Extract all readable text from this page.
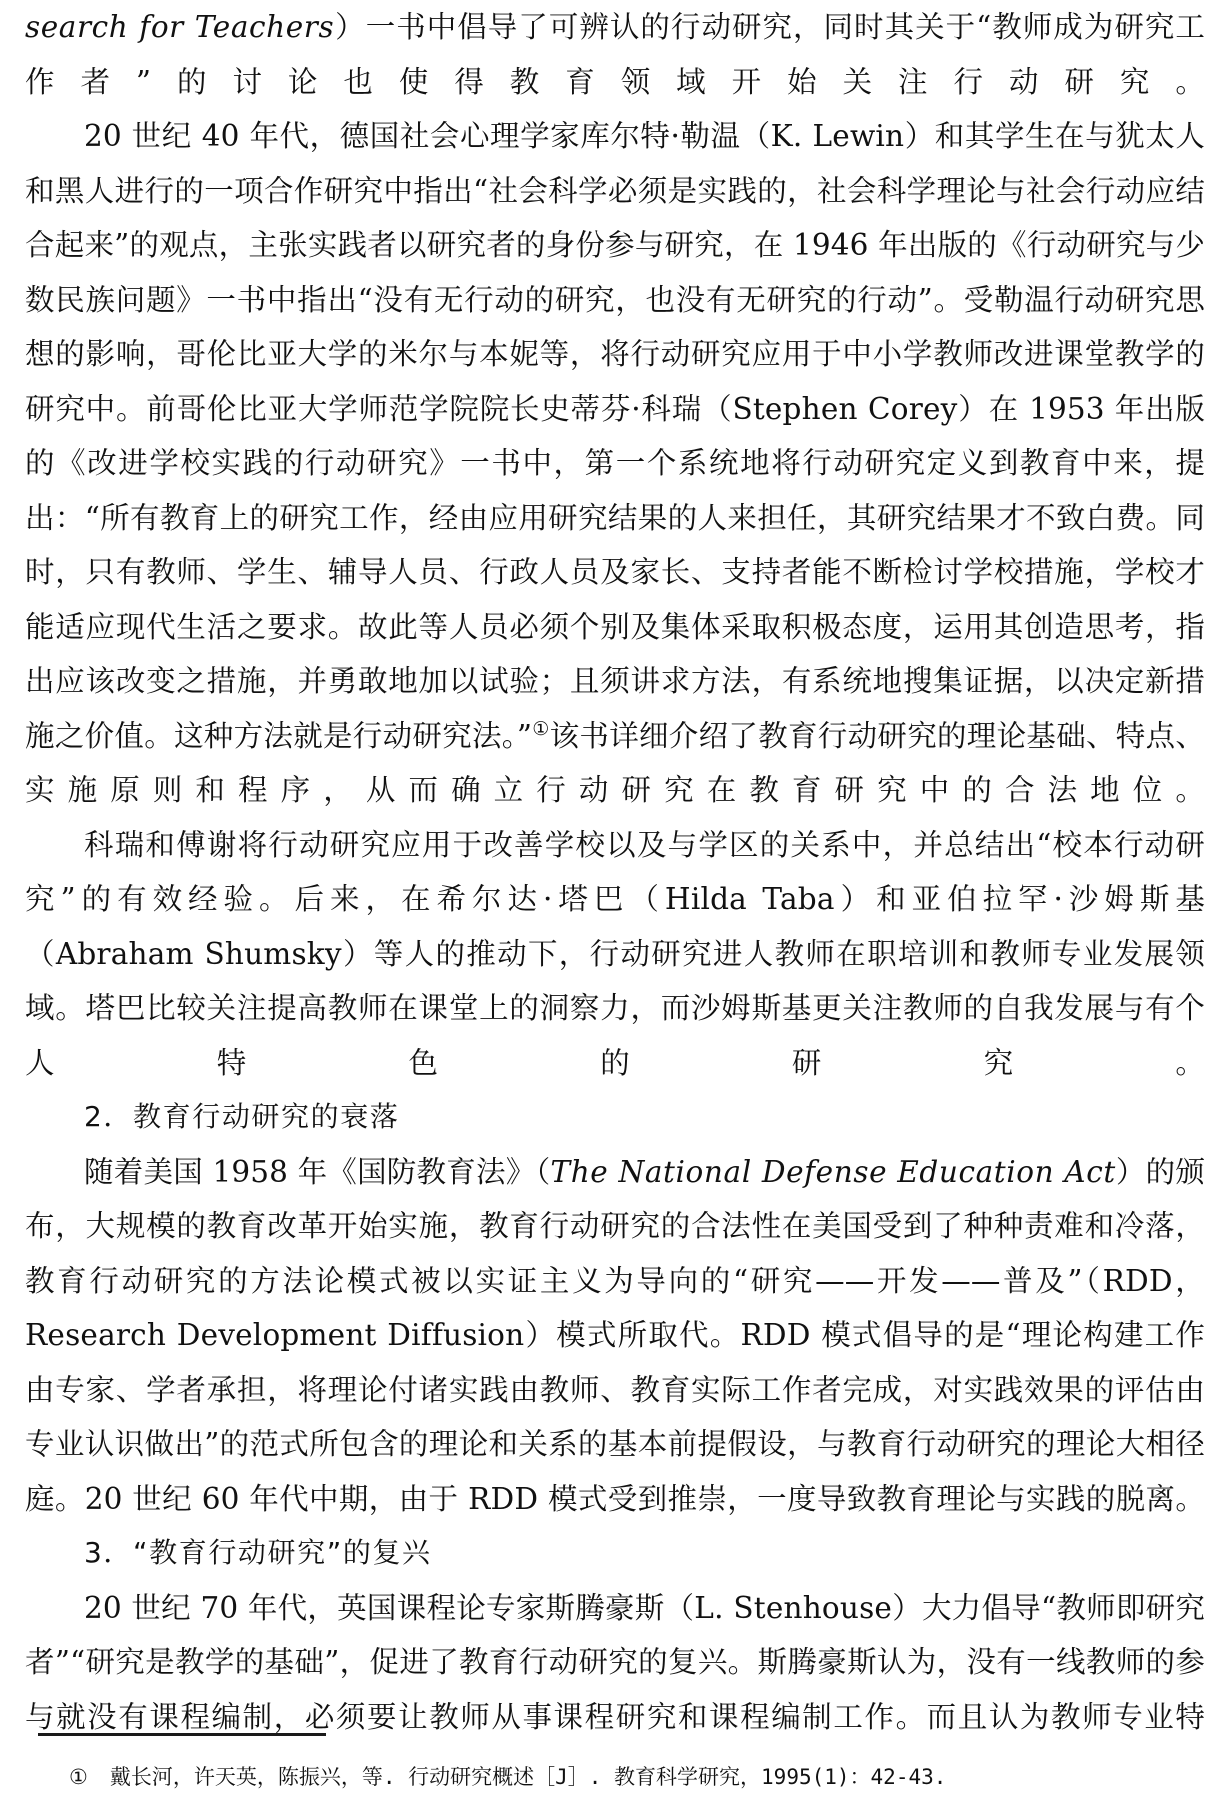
search for Teachers）一书中倡导了可辨认的行动研究，同时其关于“教师成为研究工作者”的讨论也使得教育领域开始关注行动研究。

20 世纪 40 年代，德国社会心理学家库尔特·勒温（K. Lewin）和其学生在与犹太人和黑人进行的一项合作研究中指出“社会科学必须是实践的，社会科学理论与社会行动应结合起来”的观点，主张实践者以研究者的身份参与研究，在 1946 年出版的《行动研究与少数民族问题》一书中指出“没有无行动的研究，也没有无研究的行动”。受勒温行动研究思想的影响，哥伦比亚大学的米尔与本妮等，将行动研究应用于中小学教师改进课堂教学的研究中。前哥伦比亚大学师范学院院长史蒂芬·科瑞（Stephen Corey）在 1953 年出版的《改进学校实践的行动研究》一书中，第一个系统地将行动研究定义到教育中来，提出：“所有教育上的研究工作，经由应用研究结果的人来担任，其研究结果才不致白费。同时，只有教师、学生、辅导人员、行政人员及家长、支持者能不断检讨学校措施，学校才能适应现代生活之要求。故此等人员必须个别及集体采取积极态度，运用其创造思考，指出应该改变之措施，并勇敢地加以试验；且须讲求方法，有系统地搜集证据，以决定新措施之价值。这种方法就是行动研究法。”①该书详细介绍了教育行动研究的理论基础、特点、实施原则和程序，从而确立行动研究在教育研究中的合法地位。

科瑞和傅谢将行动研究应用于改善学校以及与学区的关系中，并总结出“校本行动研究”的有效经验。后来，在希尔达·塔巴（Hilda Taba）和亚伯拉罕·沙姆斯基（Abraham Shumsky）等人的推动下，行动研究进人教师在职培训和教师专业发展领域。塔巴比较关注提高教师在课堂上的洞察力，而沙姆斯基更关注教师的自我发展与有个人特色的研究。

2．教育行动研究的衰落

随着美国 1958 年《国防教育法》（The National Defense Education Act）的颁布，大规模的教育改革开始实施，教育行动研究的合法性在美国受到了种种责难和冷落，教育行动研究的方法论模式被以实证主义为导向的“研究——开发——普及”（RDD，Research Development Diffusion）模式所取代。RDD 模式倡导的是“理论构建工作由专家、学者承担，将理论付诸实践由教师、教育实际工作者完成，对实践效果的评估由专业认识做出”的范式所包含的理论和关系的基本前提假设，与教育行动研究的理论大相径庭。20 世纪 60 年代中期，由于 RDD 模式受到推崇，一度导致教育理论与实践的脱离。

3．“教育行动研究”的复兴

20 世纪 70 年代，英国课程论专家斯腾豪斯（L. Stenhouse）大力倡导“教师即研究者”“研究是教学的基础”，促进了教育行动研究的复兴。斯腾豪斯认为，没有一线教师的参与就没有课程编制，必须要让教师从事课程研究和课程编制工作。而且认为教师专业特

① 戴长河，许天英，陈振兴，等. 行动研究概述［J］. 教育科学研究，1995(1)：42-43.
